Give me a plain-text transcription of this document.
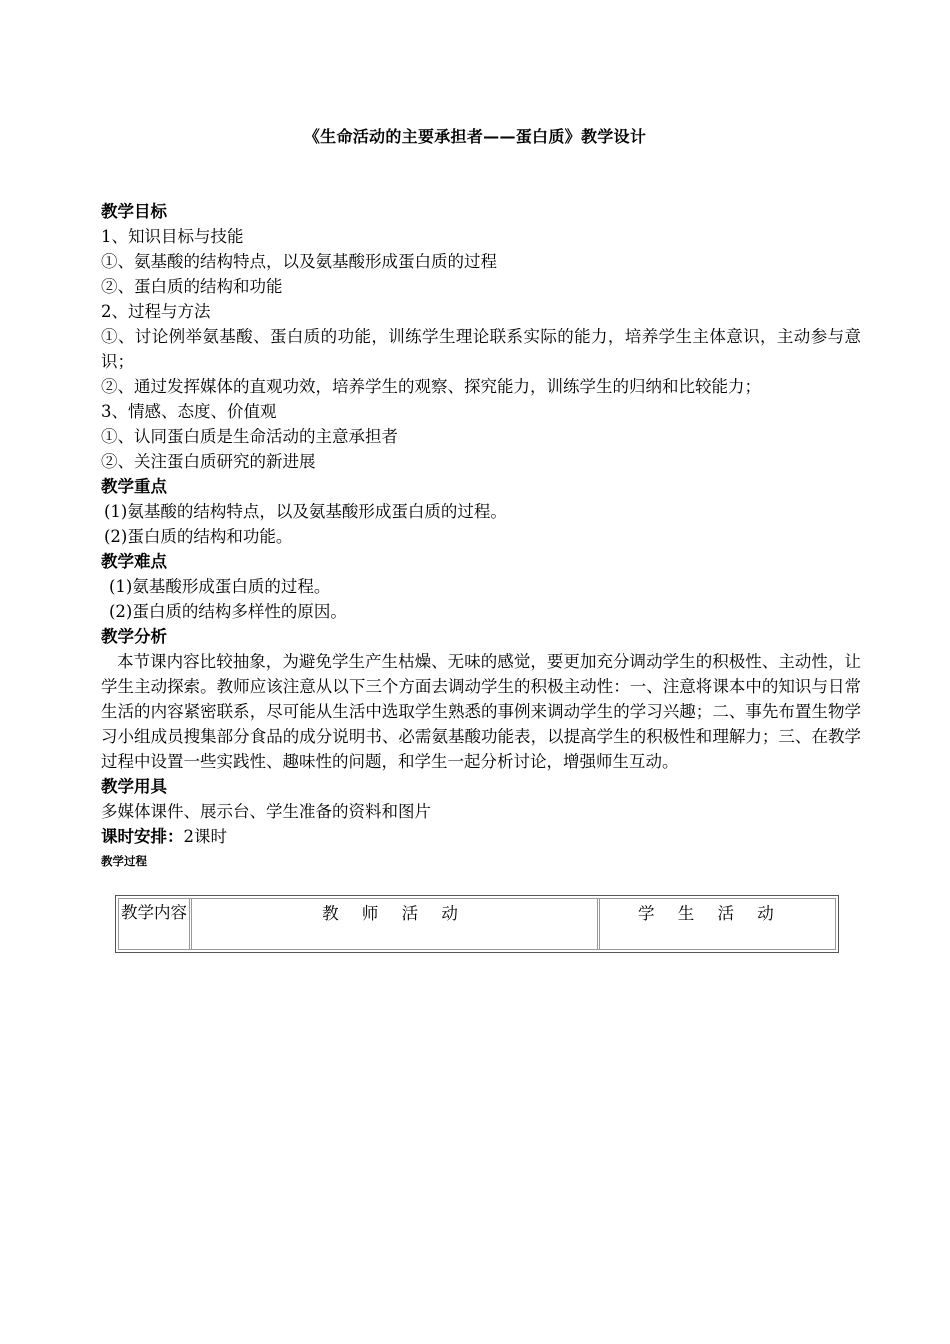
《生命活动的主要承担者——蛋白质》教学设计
教学目标
1、知识目标与技能
①、氨基酸的结构特点，以及氨基酸形成蛋白质的过程
②、蛋白质的结构和功能
2、过程与方法
①、讨论例举氨基酸、蛋白质的功能，训练学生理论联系实际的能力，培养学生主体意识，主动参与意识；
②、通过发挥媒体的直观功效，培养学生的观察、探究能力，训练学生的归纳和比较能力；
3、情感、态度、价值观
①、认同蛋白质是生命活动的主意承担者
②、关注蛋白质研究的新进展
教学重点
(1)氨基酸的结构特点，以及氨基酸形成蛋白质的过程。
(2)蛋白质的结构和功能。
教学难点
(1)氨基酸形成蛋白质的过程。
(2)蛋白质的结构多样性的原因。
教学分析
本节课内容比较抽象，为避免学生产生枯燥、无味的感觉，要更加充分调动学生的积极性、主动性，让学生主动探索。教师应该注意从以下三个方面去调动学生的积极主动性：一、注意将课本中的知识与日常生活的内容紧密联系，尽可能从生活中选取学生熟悉的事例来调动学生的学习兴趣；二、事先布置生物学习小组成员搜集部分食品的成分说明书、必需氨基酸功能表，以提高学生的积极性和理解力；三、在教学过程中设置一些实践性、趣味性的问题，和学生一起分析讨论，增强师生互动。
教学用具
多媒体课件、展示台、学生准备的资料和图片
课时安排：2课时
教学过程
教学内容	教 师 活 动	学 生 活 动
